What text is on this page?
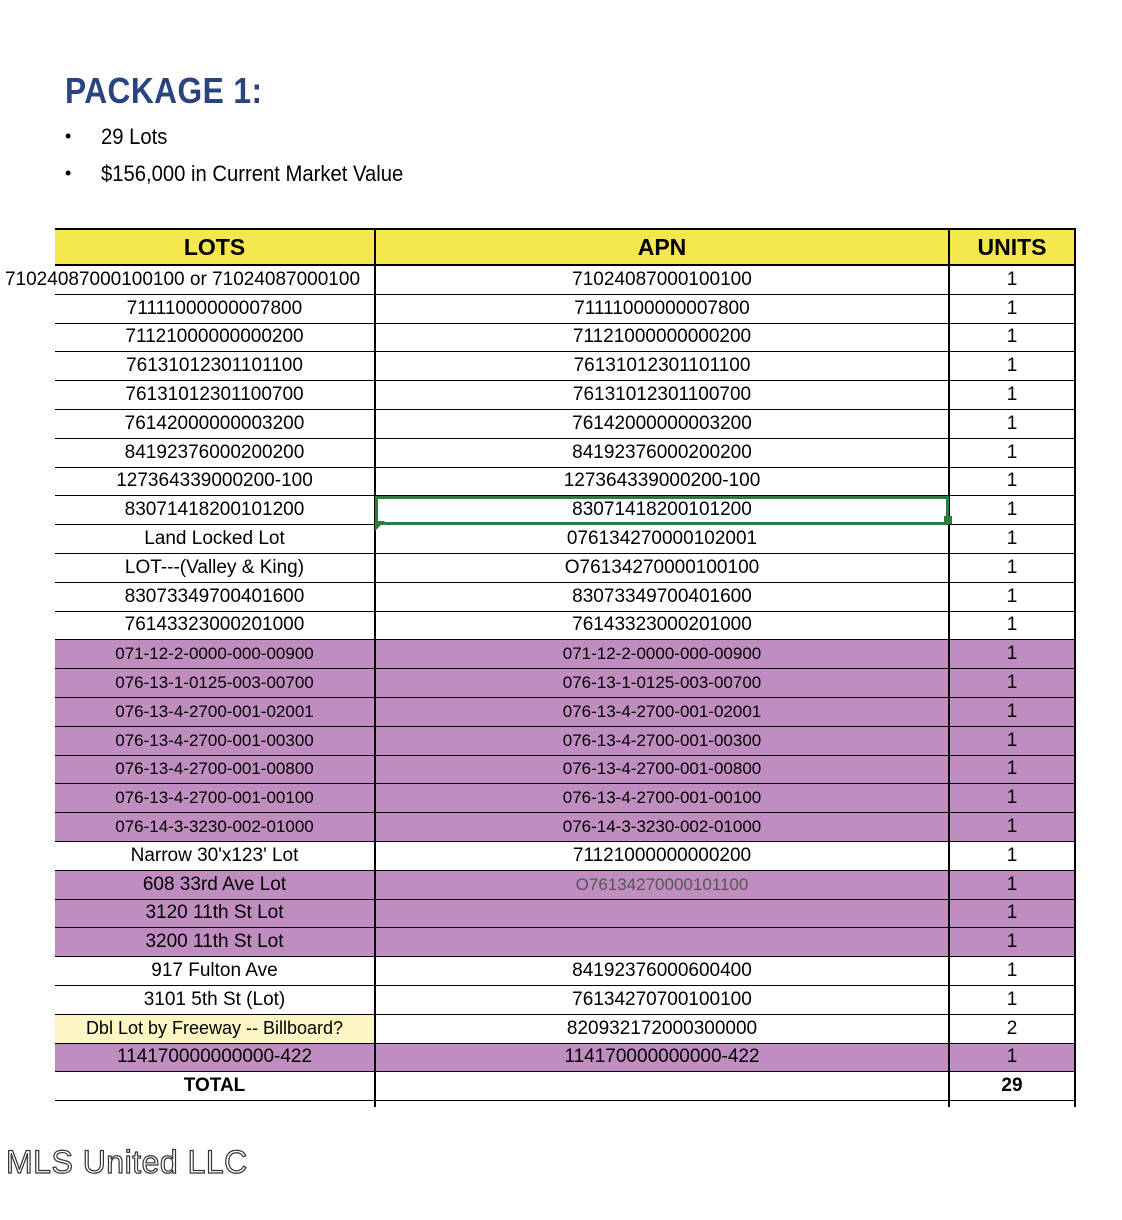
PACKAGE 1:
•	29 Lots
•	$156,000 in Current Market Value
LOTS	APN	UNITS
71024087000100100 or 71024087000100	71024087000100100	1
71111000000007800	71111000000007800	1
71121000000000200	71121000000000200	1
76131012301101100	76131012301101100	1
76131012301100700	76131012301100700	1
76142000000003200	76142000000003200	1
84192376000200200	84192376000200200	1
127364339000200-100	127364339000200-100	1
83071418200101200	83071418200101200	1
Land Locked Lot	076134270000102001	1
LOT---(Valley & King)	O76134270000100100	1
83073349700401600	83073349700401600	1
76143323000201000	76143323000201000	1
071-12-2-0000-000-00900	071-12-2-0000-000-00900	1
076-13-1-0125-003-00700	076-13-1-0125-003-00700	1
076-13-4-2700-001-02001	076-13-4-2700-001-02001	1
076-13-4-2700-001-00300	076-13-4-2700-001-00300	1
076-13-4-2700-001-00800	076-13-4-2700-001-00800	1
076-13-4-2700-001-00100	076-13-4-2700-001-00100	1
076-14-3-3230-002-01000	076-14-3-3230-002-01000	1
Narrow 30'x123' Lot	71121000000000200	1
608 33rd Ave Lot	O76134270000101100	1
3120 11th St Lot		1
3200 11th St Lot		1
917 Fulton Ave	84192376000600400	1
3101 5th St (Lot)	76134270700100100	1
Dbl Lot by Freeway -- Billboard?	820932172000300000	2
114170000000000-422	114170000000000-422	1
TOTAL		29

MLS United LLC
